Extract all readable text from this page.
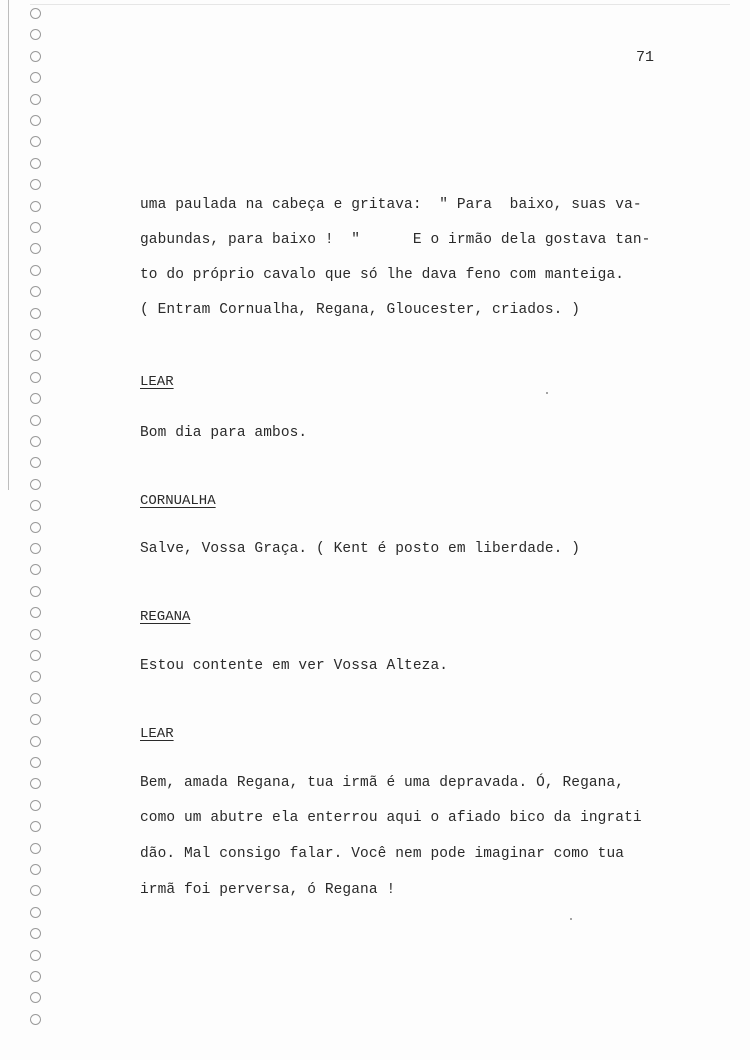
71
uma paulada na cabeça e gritava:  " Para  baixo, suas va-
gabundas, para baixo !  "      E o irmão dela gostava tan-
to do próprio cavalo que só lhe dava feno com manteiga.
( Entram Cornualha, Regana, Gloucester, criados. )
LEAR
Bom dia para ambos.
CORNUALHA
Salve, Vossa Graça. ( Kent é posto em liberdade. )
REGANA
Estou contente em ver Vossa Alteza.
LEAR
Bem, amada Regana, tua irmã é uma depravada. Ó, Regana,
como um abutre ela enterrou aqui o afiado bico da ingrati
dão. Mal consigo falar. Você nem pode imaginar como tua
irmã foi perversa, ó Regana !
